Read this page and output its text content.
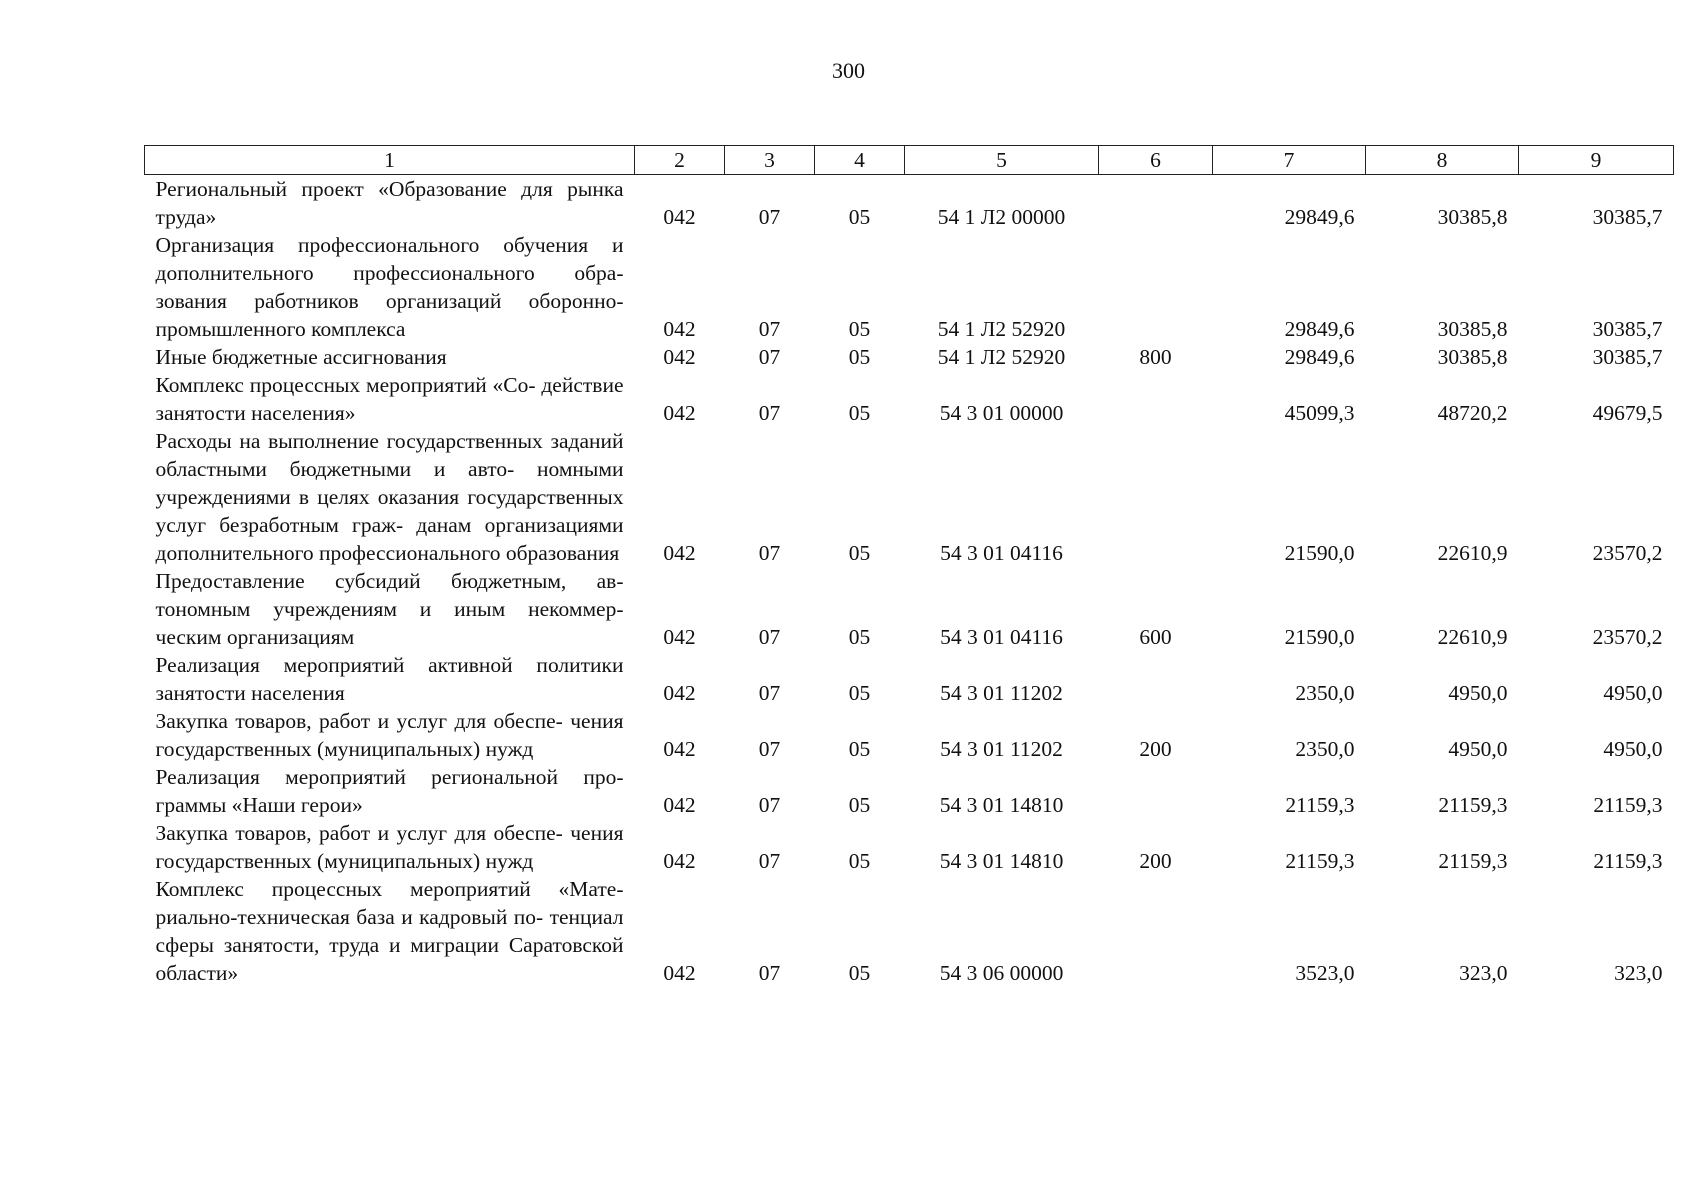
300
1	2	3	4	5	6	7	8	9
Региональный проект «Образование для рынка труда»	042	07	05	54 1 Л2 00000		29849,6	30385,8	30385,7
Организация профессионального обучения и дополнительного профессионального обра- зования работников организаций оборонно- промышленного комплекса	042	07	05	54 1 Л2 52920		29849,6	30385,8	30385,7
Иные бюджетные ассигнования	042	07	05	54 1 Л2 52920	800	29849,6	30385,8	30385,7
Комплекс процессных мероприятий «Со- действие занятости населения»	042	07	05	54 3 01 00000		45099,3	48720,2	49679,5
Расходы на выполнение государственных заданий областными бюджетными и авто- номными учреждениями в целях оказания государственных услуг безработным граж- данам организациями дополнительного профессионального образования	042	07	05	54 3 01 04116		21590,0	22610,9	23570,2
Предоставление субсидий бюджетным, ав- тономным учреждениям и иным некоммер- ческим организациям	042	07	05	54 3 01 04116	600	21590,0	22610,9	23570,2
Реализация мероприятий активной политики занятости населения	042	07	05	54 3 01 11202		2350,0	4950,0	4950,0
Закупка товаров, работ и услуг для обеспе- чения государственных (муниципальных) нужд	042	07	05	54 3 01 11202	200	2350,0	4950,0	4950,0
Реализация мероприятий региональной про- граммы «Наши герои»	042	07	05	54 3 01 14810		21159,3	21159,3	21159,3
Закупка товаров, работ и услуг для обеспе- чения государственных (муниципальных) нужд	042	07	05	54 3 01 14810	200	21159,3	21159,3	21159,3
Комплекс процессных мероприятий «Мате- риально-техническая база и кадровый по- тенциал сферы занятости, труда и миграции Саратовской области»	042	07	05	54 3 06 00000		3523,0	323,0	323,0
